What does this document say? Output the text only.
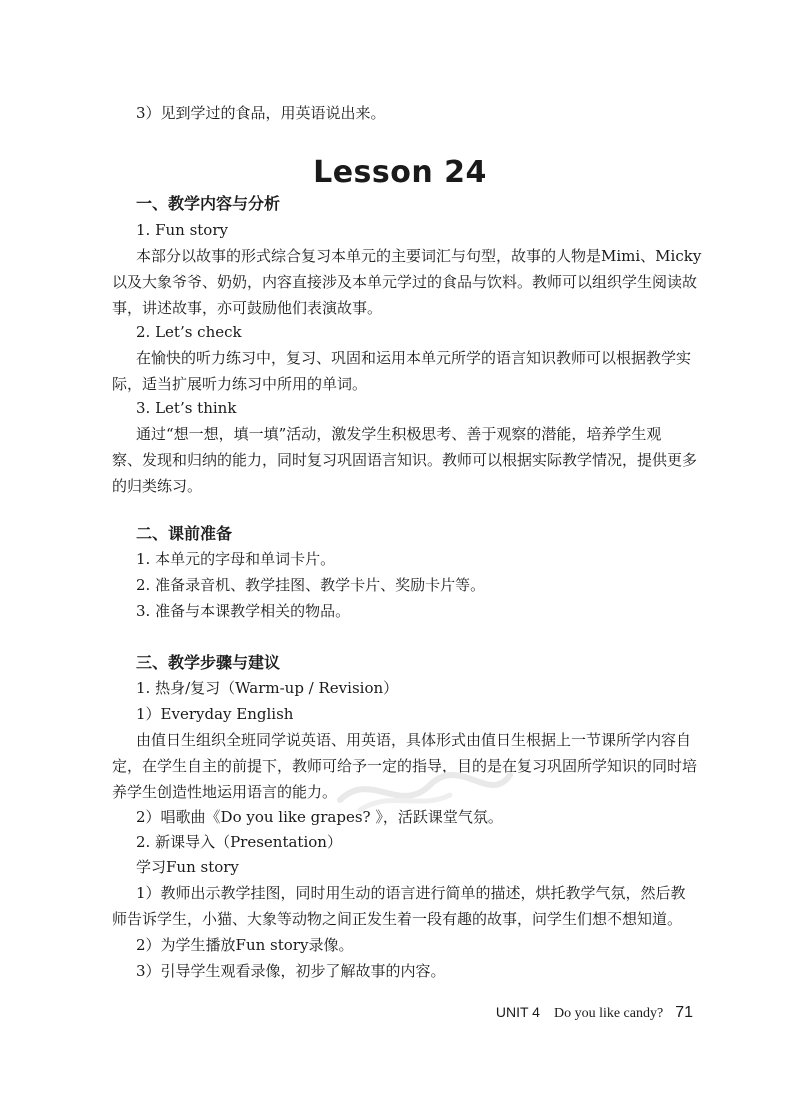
3）见到学过的食品，用英语说出来。
Lesson 24
一、教学内容与分析
1. Fun story
本部分以故事的形式综合复习本单元的主要词汇与句型，故事的人物是Mimi、Micky
以及大象爷爷、奶奶，内容直接涉及本单元学过的食品与饮料。教师可以组织学生阅读故
事，讲述故事，亦可鼓励他们表演故事。
2. Let’s check
在愉快的听力练习中，复习、巩固和运用本单元所学的语言知识教师可以根据教学实
际，适当扩展听力练习中所用的单词。
3. Let’s think
通过“想一想，填一填”活动，激发学生积极思考、善于观察的潜能，培养学生观
察、发现和归纳的能力，同时复习巩固语言知识。教师可以根据实际教学情况，提供更多
的归类练习。
二、课前准备
1. 本单元的字母和单词卡片。
2. 准备录音机、教学挂图、教学卡片、奖励卡片等。
3. 准备与本课教学相关的物品。
三、教学步骤与建议
1. 热身/复习（Warm-up / Revision）
1）Everyday English
由值日生组织全班同学说英语、用英语，具体形式由值日生根据上一节课所学内容自
定，在学生自主的前提下，教师可给予一定的指导，目的是在复习巩固所学知识的同时培
养学生创造性地运用语言的能力。
2）唱歌曲《Do you like grapes? 》，活跃课堂气氛。
2. 新课导入（Presentation）
学习Fun story
1）教师出示教学挂图，同时用生动的语言进行简单的描述，烘托教学气氛，然后教
师告诉学生，小猫、大象等动物之间正发生着一段有趣的故事，问学生们想不想知道。
2）为学生播放Fun story录像。
3）引导学生观看录像，初步了解故事的内容。
UNIT 4 Do you like candy? 71
